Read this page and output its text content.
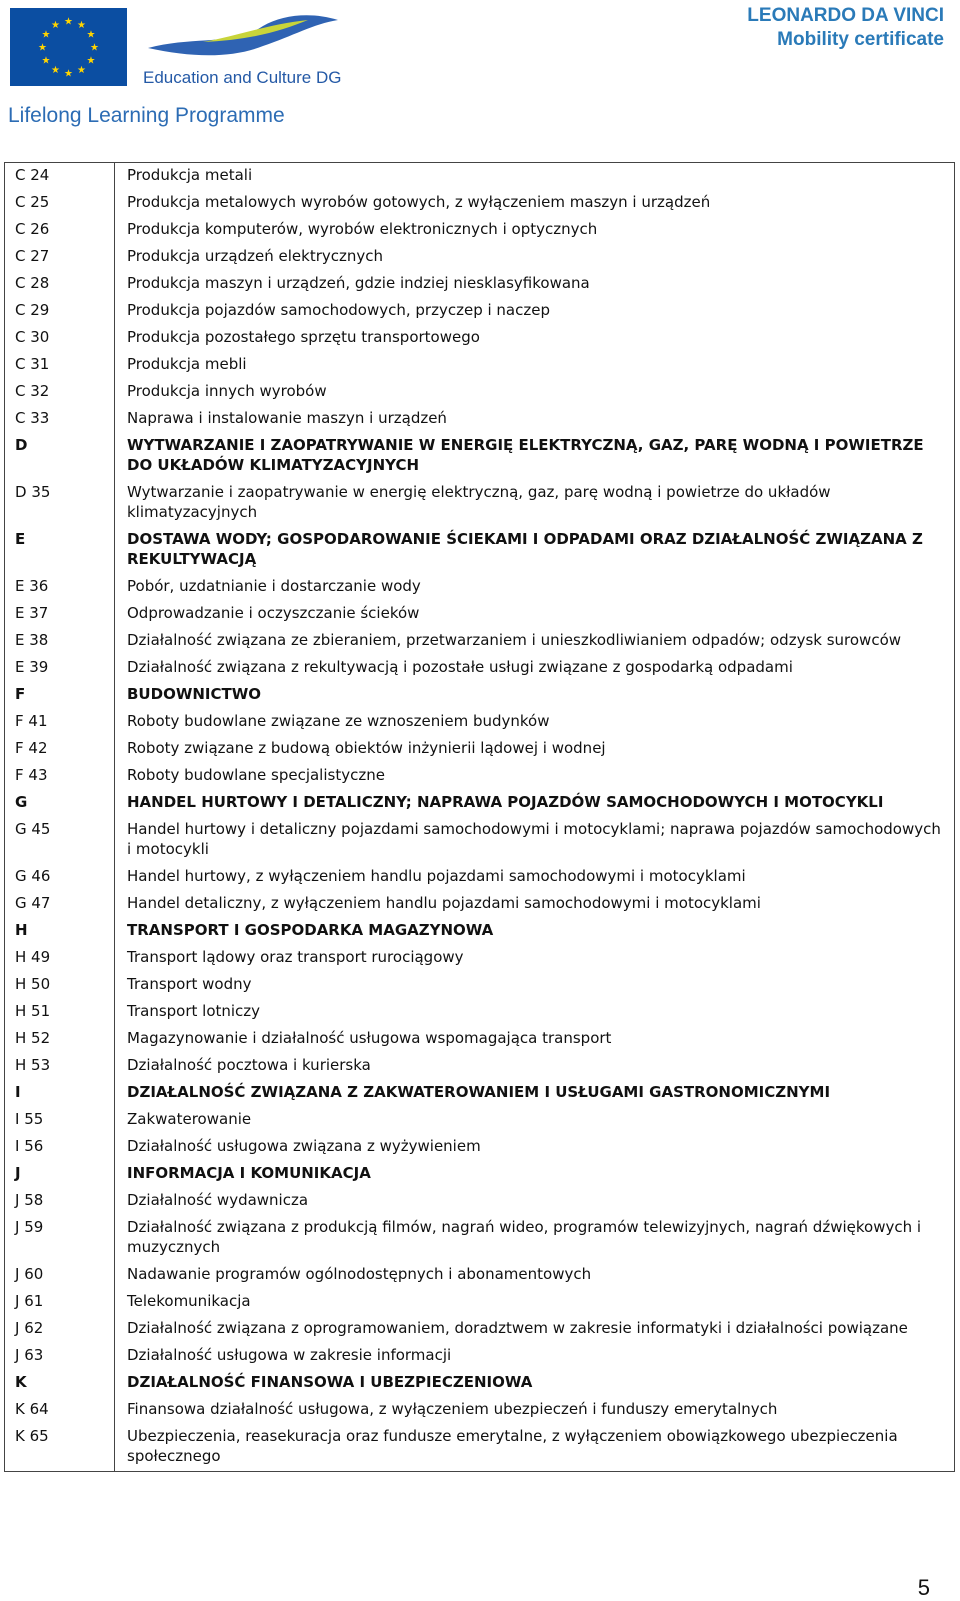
★ ★
★
★
★
★
★
★
★
★
★
★
Education and Culture DG
Lifelong Learning Programme
LEONARDO DA VINCI
Mobility certificate
C 24	Produkcja metali
C 25	Produkcja metalowych wyrobów gotowych, z wyłączeniem maszyn i urządzeń
C 26	Produkcja komputerów, wyrobów elektronicznych i optycznych
C 27	Produkcja urządzeń elektrycznych
C 28	Produkcja maszyn i urządzeń, gdzie indziej niesklasyfikowana
C 29	Produkcja pojazdów samochodowych, przyczep i naczep
C 30	Produkcja pozostałego sprzętu transportowego
C 31	Produkcja mebli
C 32	Produkcja innych wyrobów
C 33	Naprawa i instalowanie maszyn i urządzeń
D	WYTWARZANIE I ZAOPATRYWANIE W ENERGIĘ ELEKTRYCZNĄ, GAZ, PARĘ WODNĄ I POWIETRZE DO UKŁADÓW KLIMATYZACYJNYCH
D 35	Wytwarzanie i zaopatrywanie w energię elektryczną, gaz, parę wodną i powietrze do układów klimatyzacyjnych
E	DOSTAWA WODY; GOSPODAROWANIE ŚCIEKAMI I ODPADAMI ORAZ DZIAŁALNOŚĆ ZWIĄZANA Z REKULTYWACJĄ
E 36	Pobór, uzdatnianie i dostarczanie wody
E 37	Odprowadzanie i oczyszczanie ścieków
E 38	Działalność związana ze zbieraniem, przetwarzaniem i unieszkodliwianiem odpadów; odzysk surowców
E 39	Działalność związana z rekultywacją i pozostałe usługi związane z gospodarką odpadami
F	BUDOWNICTWO
F 41	Roboty budowlane związane ze wznoszeniem budynków
F 42	Roboty związane z budową obiektów inżynierii lądowej i wodnej
F 43	Roboty budowlane specjalistyczne
G	HANDEL HURTOWY I DETALICZNY; NAPRAWA POJAZDÓW SAMOCHODOWYCH I MOTOCYKLI
G 45	Handel hurtowy i detaliczny pojazdami samochodowymi i motocyklami; naprawa pojazdów samochodowych i motocykli
G 46	Handel hurtowy, z wyłączeniem handlu pojazdami samochodowymi i motocyklami
G 47	Handel detaliczny, z wyłączeniem handlu pojazdami samochodowymi i motocyklami
H	TRANSPORT I GOSPODARKA MAGAZYNOWA
H 49	Transport lądowy oraz transport rurociągowy
H 50	Transport wodny
H 51	Transport lotniczy
H 52	Magazynowanie i działalność usługowa wspomagająca transport
H 53	Działalność pocztowa i kurierska
I	DZIAŁALNOŚĆ ZWIĄZANA Z ZAKWATEROWANIEM I USŁUGAMI GASTRONOMICZNYMI
I 55	Zakwaterowanie
I 56	Działalność usługowa związana z wyżywieniem
J	INFORMACJA I KOMUNIKACJA
J 58	Działalność wydawnicza
J 59	Działalność związana z produkcją filmów, nagrań wideo, programów telewizyjnych, nagrań dźwiękowych i muzycznych
J 60	Nadawanie programów ogólnodostępnych i abonamentowych
J 61	Telekomunikacja
J 62	Działalność związana z oprogramowaniem, doradztwem w zakresie informatyki i działalności powiązane
J 63	Działalność usługowa w zakresie informacji
K	DZIAŁALNOŚĆ FINANSOWA I UBEZPIECZENIOWA
K 64	Finansowa działalność usługowa, z wyłączeniem ubezpieczeń i funduszy emerytalnych
K 65	Ubezpieczenia, reasekuracja oraz fundusze emerytalne, z wyłączeniem obowiązkowego ubezpieczenia społecznego
5
